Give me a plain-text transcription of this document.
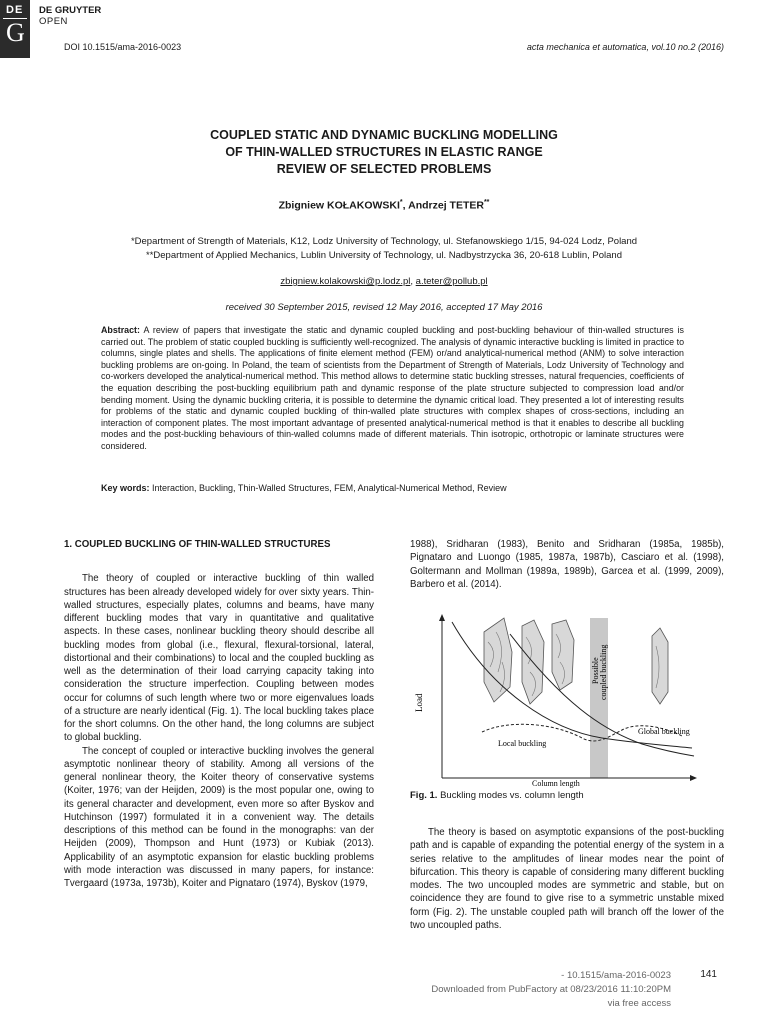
DE
G
DE GRUYTER
OPEN
DOI 10.1515/ama-2016-0023	acta mechanica et automatica, vol.10 no.2 (2016)
COUPLED STATIC AND DYNAMIC BUCKLING MODELLING
OF THIN-WALLED STRUCTURES IN ELASTIC RANGE
REVIEW OF SELECTED PROBLEMS
Zbigniew KOŁAKOWSKI*, Andrzej TETER**
*Department of Strength of Materials, K12, Lodz University of Technology, ul. Stefanowskiego 1/15, 94-024 Lodz, Poland
**Department of Applied Mechanics, Lublin University of Technology, ul. Nadbystrzycka 36, 20-618 Lublin, Poland
zbigniew.kolakowski@p.lodz.pl, a.teter@pollub.pl
received 30 September 2015, revised 12 May 2016, accepted 17 May 2016
Abstract: A review of papers that investigate the static and dynamic coupled buckling and post-buckling behaviour of thin-walled structures is carried out. The problem of static coupled buckling is sufficiently well-recognized. The analysis of dynamic interactive buckling is limited in practice to columns, single plates and shells. The applications of finite element method (FEM) or/and analytical-numerical method (ANM) to solve interaction buckling problems are on-going. In Poland, the team of scientists from the Department of Strength of Materials, Lodz University of Technology and co-workers developed the analytical-numerical method. This method allows to determine static buckling stresses, natural frequencies, coefficients of the equation describing the post-buckling equilibrium path and dynamic response of the plate structure subjected to compression load and/or bending moment. Using the dynamic buckling criteria, it is possible to determine the dynamic critical load. They presented a lot of interesting results for problems of the static and dynamic coupled buckling of thin-walled plate structures with complex shapes of cross-sections, including an interaction of component plates. The most important advantage of presented analytical-numerical method is that it enables to describe all buckling modes and the post-buckling behaviours of thin-walled columns made of different materials. Thin isotropic, orthotropic or laminate structures were considered.
Key words: Interaction, Buckling, Thin-Walled Structures, FEM, Analytical-Numerical Method, Review
1. COUPLED BUCKLING OF THIN-WALLED STRUCTURES

The theory of coupled or interactive buckling of thin walled structures has been already developed widely for over sixty years. Thin-walled structures, especially plates, columns and beams, have many different buckling modes that vary in quantitative and qualitative aspects. In these cases, nonlinear buckling theory should describe all buckling modes from global (i.e., flexural, flexural-torsional, lateral, distortional and their combinations) to local and the coupled buckling as well as the determination of their load carrying capacity taking into consideration the structure imperfection. Coupling between modes occur for columns of such length where two or more eigenvalues loads of a structure are nearly identical (Fig. 1). The local buckling takes place for the short columns. On the other hand, the long columns are subject to global buckling.

The concept of coupled or interactive buckling involves the general asymptotic nonlinear theory of stability. Among all versions of the general nonlinear theory, the Koiter theory of conservative systems (Koiter, 1976; van der Heijden, 2009) is the most popular one, owing to its general character and development, even more so after Byskov and Hutchinson (1997) formulated it in a convenient way. The details descriptions of this method can be found in the monographs: van der Heijden (2009), Thompson and Hunt (1973) or Kubiak (2013). Applicability of an asymptotic expansion for elastic buckling problems with mode interaction was discussed in many papers, for instance: Tvergaard (1973a, 1973b), Koiter and Pignataro (1974), Byskov (1979,

1988), Sridharan (1983), Benito and Sridharan (1985a, 1985b), Pignataro and Luongo (1985, 1987a, 1987b), Casciaro et al. (1998), Goltermann and Mollman (1989a, 1989b), Garcea et al. (1999, 2009), Barbero et al. (2014).

Load
Column length
Local buckling
Global buckling
Possible coupled buckling
Fig. 1. Buckling modes vs. column length

The theory is based on asymptotic expansions of the post-buckling path and is capable of expanding the potential energy of the system in a series relative to the amplitudes of linear modes near the point of bifurcation. This theory is capable of considering many different buckling modes. The two uncoupled modes are symmetric and stable, but on coincidence they are found to give rise to a symmetric unstable mixed form (Fig. 2). The unstable coupled path will branch off the lower of the two uncoupled paths.

- 10.1515/ama-2016-0023
Downloaded from PubFactory at 08/23/2016 11:10:20PM
via free access
141
